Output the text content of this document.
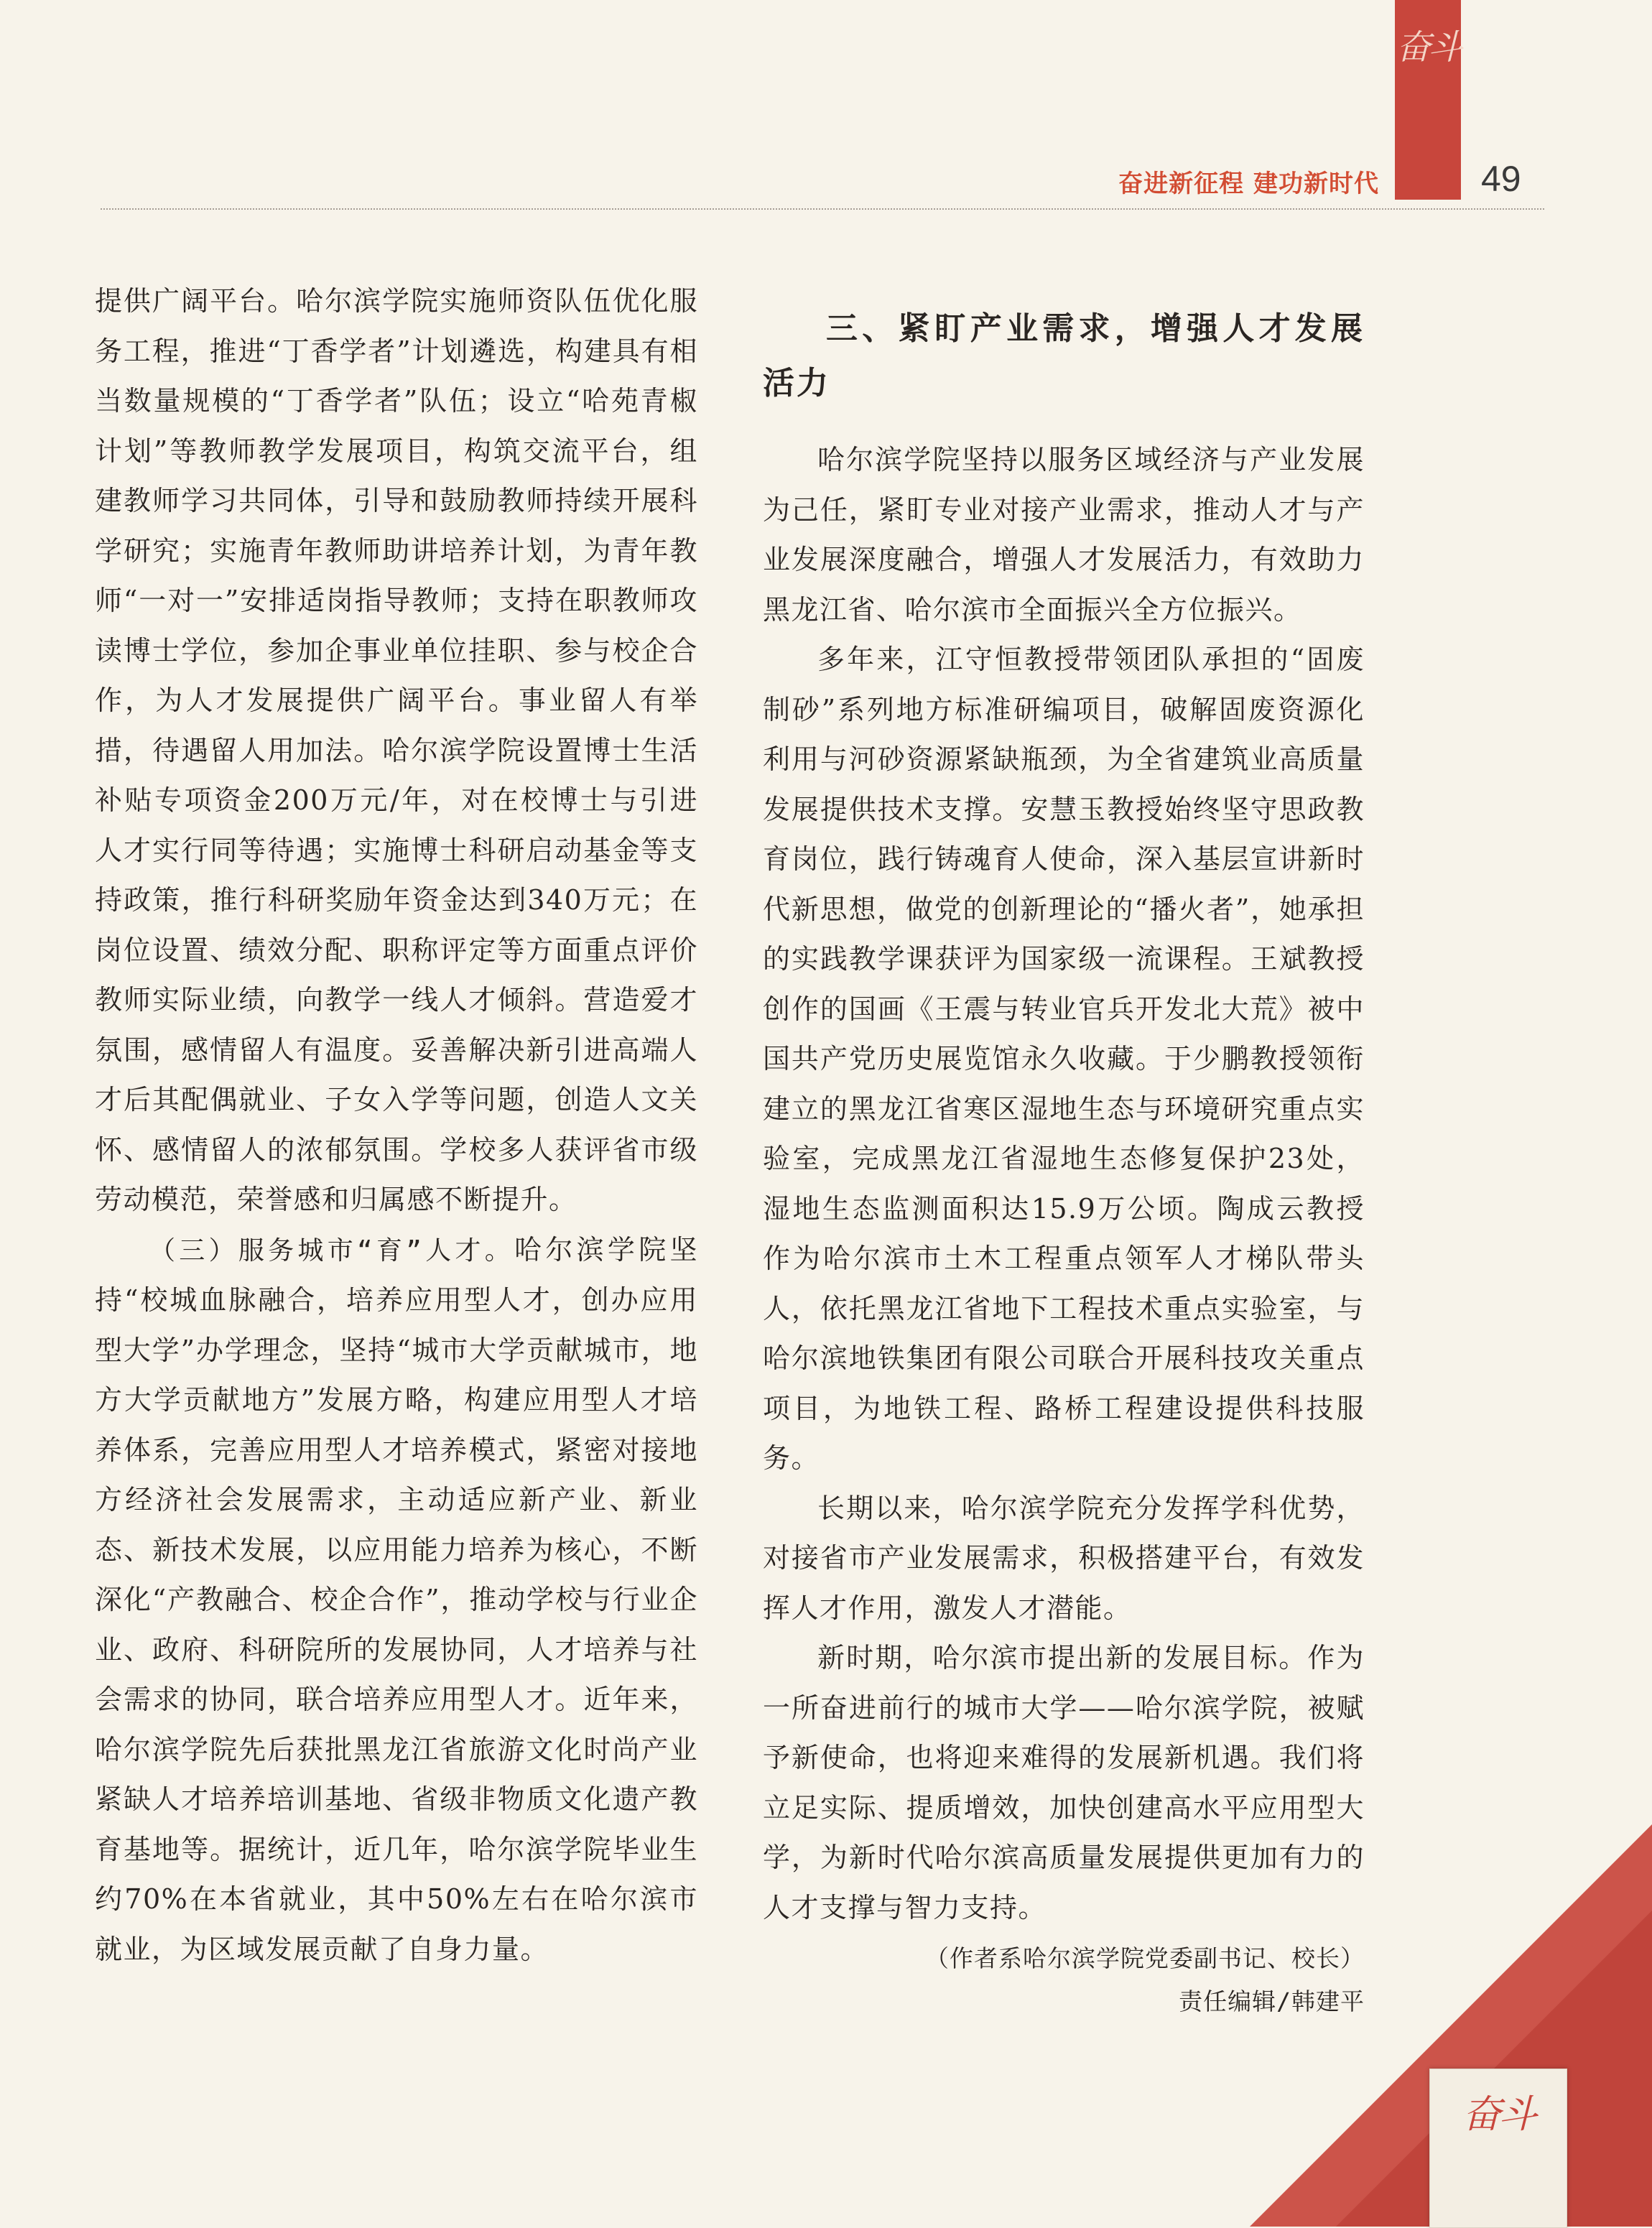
奋斗
奋进新征程 建功新时代	49

提供广阔平台。哈尔滨学院实施师资队伍优化服务工程，推进“丁香学者”计划遴选，构建具有相当数量规模的“丁香学者”队伍；设立“哈苑青椒计划”等教师教学发展项目，构筑交流平台，组建教师学习共同体，引导和鼓励教师持续开展科学研究；实施青年教师助讲培养计划，为青年教师“一对一”安排适岗指导教师；支持在职教师攻读博士学位，参加企事业单位挂职、参与校企合作，为人才发展提供广阔平台。事业留人有举措，待遇留人用加法。哈尔滨学院设置博士生活补贴专项资金200万元/年，对在校博士与引进人才实行同等待遇；实施博士科研启动基金等支持政策，推行科研奖励年资金达到340万元；在岗位设置、绩效分配、职称评定等方面重点评价教师实际业绩，向教学一线人才倾斜。营造爱才氛围，感情留人有温度。妥善解决新引进高端人才后其配偶就业、子女入学等问题，创造人文关怀、感情留人的浓郁氛围。学校多人获评省市级劳动模范，荣誉感和归属感不断提升。

（三）服务城市“育”人才。哈尔滨学院坚持“校城血脉融合，培养应用型人才，创办应用型大学”办学理念，坚持“城市大学贡献城市，地方大学贡献地方”发展方略，构建应用型人才培养体系，完善应用型人才培养模式，紧密对接地方经济社会发展需求，主动适应新产业、新业态、新技术发展，以应用能力培养为核心，不断深化“产教融合、校企合作”，推动学校与行业企业、政府、科研院所的发展协同，人才培养与社会需求的协同，联合培养应用型人才。近年来，哈尔滨学院先后获批黑龙江省旅游文化时尚产业紧缺人才培养培训基地、省级非物质文化遗产教育基地等。据统计，近几年，哈尔滨学院毕业生约70%在本省就业，其中50%左右在哈尔滨市就业，为区域发展贡献了自身力量。

三、紧盯产业需求，增强人才发展活力

哈尔滨学院坚持以服务区域经济与产业发展为己任，紧盯专业对接产业需求，推动人才与产业发展深度融合，增强人才发展活力，有效助力黑龙江省、哈尔滨市全面振兴全方位振兴。

多年来，江守恒教授带领团队承担的“固废制砂”系列地方标准研编项目，破解固废资源化利用与河砂资源紧缺瓶颈，为全省建筑业高质量发展提供技术支撑。安慧玉教授始终坚守思政教育岗位，践行铸魂育人使命，深入基层宣讲新时代新思想，做党的创新理论的“播火者”，她承担的实践教学课获评为国家级一流课程。王斌教授创作的国画《王震与转业官兵开发北大荒》被中国共产党历史展览馆永久收藏。于少鹏教授领衔建立的黑龙江省寒区湿地生态与环境研究重点实验室，完成黑龙江省湿地生态修复保护23处，湿地生态监测面积达15.9万公顷。陶成云教授作为哈尔滨市土木工程重点领军人才梯队带头人，依托黑龙江省地下工程技术重点实验室，与哈尔滨地铁集团有限公司联合开展科技攻关重点项目，为地铁工程、路桥工程建设提供科技服务。

长期以来，哈尔滨学院充分发挥学科优势，对接省市产业发展需求，积极搭建平台，有效发挥人才作用，激发人才潜能。

新时期，哈尔滨市提出新的发展目标。作为一所奋进前行的城市大学——哈尔滨学院，被赋予新使命，也将迎来难得的发展新机遇。我们将立足实际、提质增效，加快创建高水平应用型大学，为新时代哈尔滨高质量发展提供更加有力的人才支撑与智力支持。

（作者系哈尔滨学院党委副书记、校长）
责任编辑/韩建平
奋斗
